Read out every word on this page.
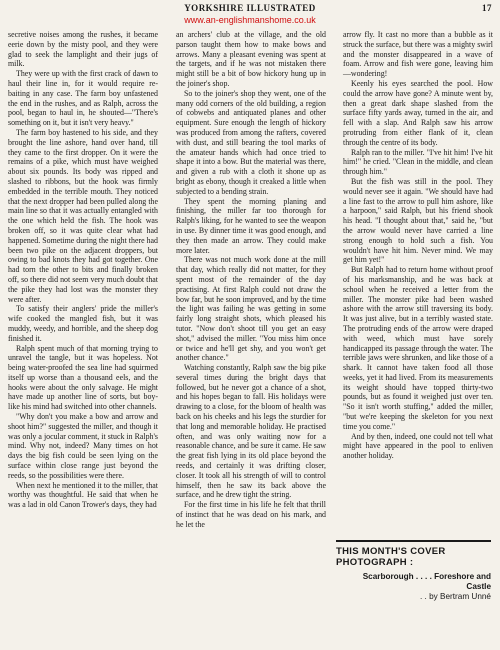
YORKSHIRE ILLUSTRATED	17
www.an-englishmanshome.co.uk

secretive noises among the rushes, it became eerie down by the misty pool, and they were glad to seek the lamplight and their jugs of milk.

They were up with the first crack of dawn to haul their line in, for it would require re-baiting in any case. The farm boy unfastened the end in the rushes, and as Ralph, across the pool, began to haul in, he shouted—"There's something on it, but it isn't very heavy."

The farm boy hastened to his side, and they brought the line ashore, hand over hand, till they came to the first dropper. On it were the remains of a pike, which must have weighed about six pounds. Its body was ripped and slashed to ribbons, but the hook was firmly embedded in the terrible mouth. They noticed that the next dropper had been pulled along the main line so that it was actually entangled with the one which held the fish. The hook was broken off, so it was quite clear what had happened. Sometime during the night there had been two pike on the adjacent droppers, but owing to bad knots they had got together. One had torn the other to bits and finally broken off, so there did not seem very much doubt that the pike they had lost was the monster they were after.

To satisfy their anglers' pride the miller's wife cooked the mangled fish, but it was muddy, weedy, and horrible, and the sheep dog finished it.

Ralph spent much of that morning trying to unravel the tangle, but it was hopeless. Not being water-proofed the sea line had squirmed itself up worse than a thousand eels, and the hooks were about the only salvage. He might have made up another line of sorts, but boy-like his mind had switched into other channels.

"Why don't you make a bow and arrow and shoot him?" suggested the miller, and though it was only a jocular comment, it stuck in Ralph's mind. Why not, indeed? Many times on hot days the big fish could be seen lying on the surface within close range just beyond the reeds, so the possibilities were there.

When next he mentioned it to the miller, that worthy was thoughtful. He said that when he was a lad in old Canon Trower's days, they had

an archers' club at the village, and the old parson taught them how to make bows and arrows. Many a pleasant evening was spent at the targets, and if he was not mistaken there might still be a bit of bow hickory hung up in the joiner's shop.

So to the joiner's shop they went, one of the many odd corners of the old building, a region of cobwebs and antiquated planes and other equipment. Sure enough the length of hickory was produced from among the rafters, covered with dust, and still bearing the tool marks of the amateur hands which had once tried to shape it into a bow. But the material was there, and given a rub with a cloth it shone up as bright as ebony, though it creaked a little when subjected to a bending strain.

They spent the morning planing and finishing, the miller far too thorough for Ralph's liking, for he wanted to see the weapon in use. By dinner time it was good enough, and they then made an arrow. They could make more later.

There was not much work done at the mill that day, which really did not matter, for they spent most of the remainder of the day practising. At first Ralph could not draw the bow far, but he soon improved, and by the time the light was failing he was getting in some fairly long straight shots, which pleased his tutor. "Now don't shoot till you get an easy shot," advised the miller. "You miss him once or twice and he'll get shy, and you won't get another chance."

Watching constantly, Ralph saw the big pike several times during the bright days that followed, but he never got a chance of a shot, and his hopes began to fall. His holidays were drawing to a close, for the bloom of health was back on his cheeks and his legs the sturdier for that long and memorable holiday. He practised often, and was only waiting now for a reasonable chance, and be sure it came. He saw the great fish lying in its old place beyond the reeds, and certainly it was drifting closer, closer. It took all his strength of will to control himself, then he saw its back above the surface, and he drew tight the string.

For the first time in his life he felt that thrill of instinct that he was dead on his mark, and he let the

arrow fly. It cast no more than a bubble as it struck the surface, but there was a mighty swirl and the monster disappeared in a wave of foam. Arrow and fish were gone, leaving him—wondering!

Keenly his eyes searched the pool. How could the arrow have gone? A minute went by, then a great dark shape slashed from the surface fifty yards away, turned in the air, and fell with a slap. And Ralph saw his arrow protruding from either flank of it, clean through the centre of its body.

Ralph ran to the miller. "I've hit him! I've hit him!" he cried. "Clean in the middle, and clean through him."

But the fish was still in the pool. They would never see it again. "We should have had a line fast to the arrow to pull him ashore, like a harpoon," said Ralph, but his friend shook his head. "I thought about that," said he, "but the arrow would never have carried a line strong enough to hold such a fish. You wouldn't have hit him. Never mind. We may get him yet!"

But Ralph had to return home without proof of his marksmanship, and he was back at school when he received a letter from the miller. The monster pike had been washed ashore with the arrow still traversing its body. It was just alive, but in a terribly wasted state. The protruding ends of the arrow were draped with weed, which must have sorely handicapped its passage through the water. The terrible jaws were shrunken, and like those of a shark. It cannot have taken food all those weeks, yet it had lived. From its measurements its weight should have topped thirty-two pounds, but as found it weighed just over ten. "So it isn't worth stuffing," added the miller, "but we're keeping the skeleton for you next time you come."

And by then, indeed, one could not tell what might have appeared in the pool to enliven another holiday.

THIS MONTH'S COVER PHOTOGRAPH :
Scarborough . . . . Foreshore and Castle
. . by Bertram Unné
